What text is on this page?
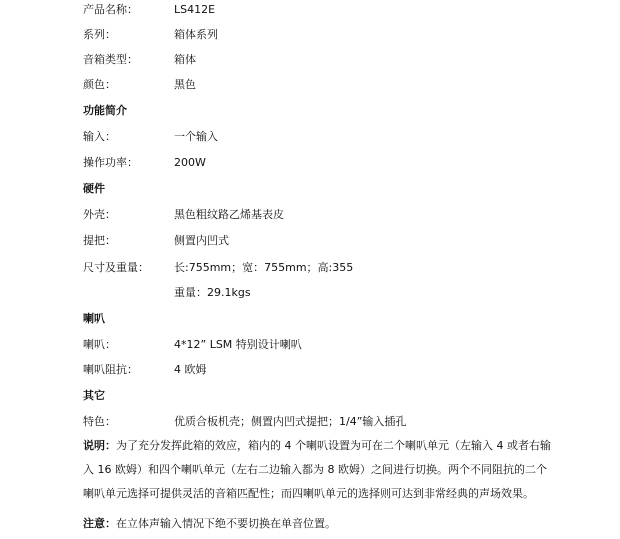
产品名称：	LS412E
系列：	箱体系列
音箱类型：	箱体
颜色：	黑色
功能简介
输入：	一个输入
操作功率：	200W
硬件
外壳：	黑色粗纹路乙烯基表皮
提把：	侧置内凹式
尺寸及重量： 长:755mm；宽：755mm；高:355
重量：29.1kgs
喇叭
喇叭：	4*12” LSM 特别设计喇叭
喇叭阻抗：	4 欧姆
其它
特色：	优质合板机壳；侧置内凹式提把；1/4”输入插孔
说明：为了充分发挥此箱的效应，箱内的 4 个喇叭设置为可在二个喇叭单元（左输入 4 或者右输入 16 欧姆）和四个喇叭单元（左右二边输入都为 8 欧姆）之间进行切换。两个不同阻抗的二个喇叭单元选择可提供灵活的音箱匹配性；而四喇叭单元的选择则可达到非常经典的声场效果。
注意：在立体声输入情况下绝不要切换在单音位置。
